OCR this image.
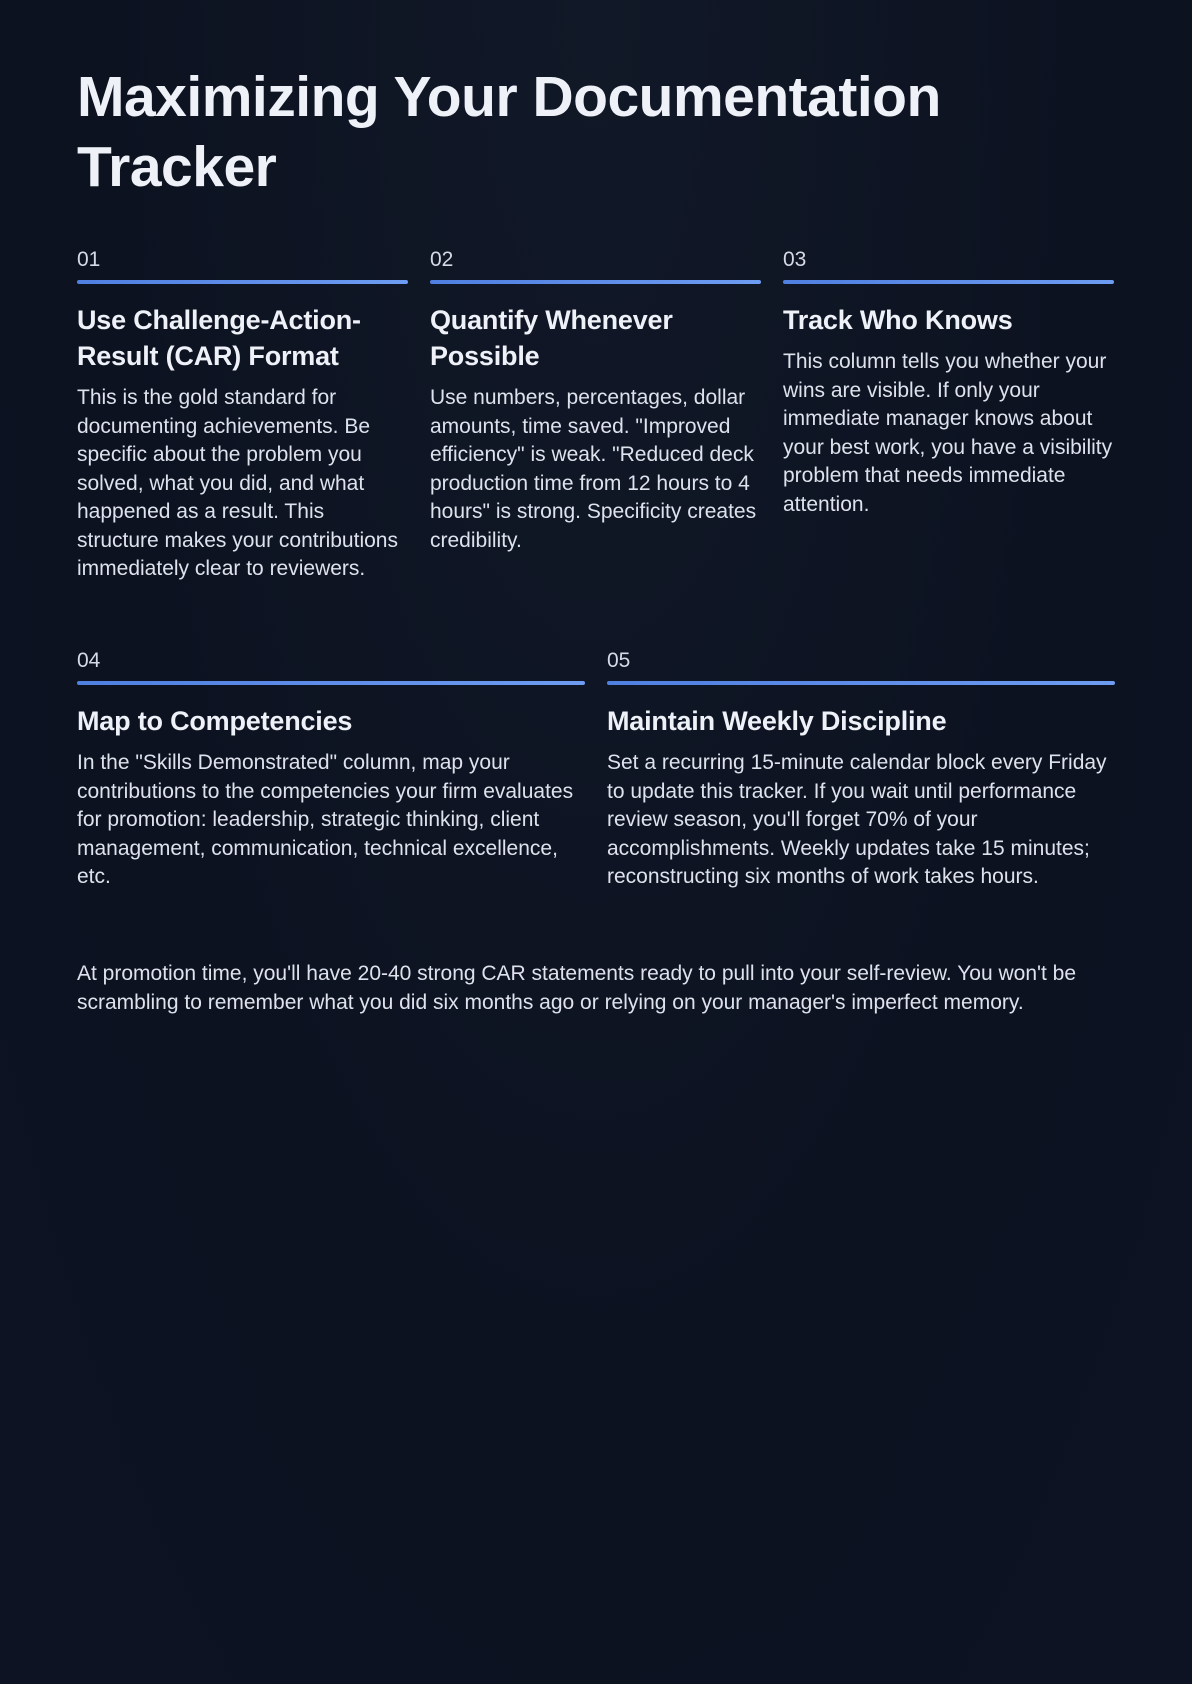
Maximizing Your Documentation Tracker
01
Use Challenge-Action-Result (CAR) Format

This is the gold standard for documenting achievements. Be specific about the problem you solved, what you did, and what happened as a result. This structure makes your contributions immediately clear to reviewers.

02
Quantify Whenever Possible

Use numbers, percentages, dollar amounts, time saved. "Improved efficiency" is weak. "Reduced deck production time from 12 hours to 4 hours" is strong. Specificity creates credibility.

03
Track Who Knows

This column tells you whether your wins are visible. If only your immediate manager knows about your best work, you have a visibility problem that needs immediate attention.

04
Map to Competencies

In the "Skills Demonstrated" column, map your contributions to the competencies your firm evaluates for promotion: leadership, strategic thinking, client management, communication, technical excellence, etc.

05
Maintain Weekly Discipline

Set a recurring 15-minute calendar block every Friday to update this tracker. If you wait until performance review season, you'll forget 70% of your accomplishments. Weekly updates take 15 minutes; reconstructing six months of work takes hours.

At promotion time, you'll have 20-40 strong CAR statements ready to pull into your self-review. You won't be scrambling to remember what you did six months ago or relying on your manager's imperfect memory.
